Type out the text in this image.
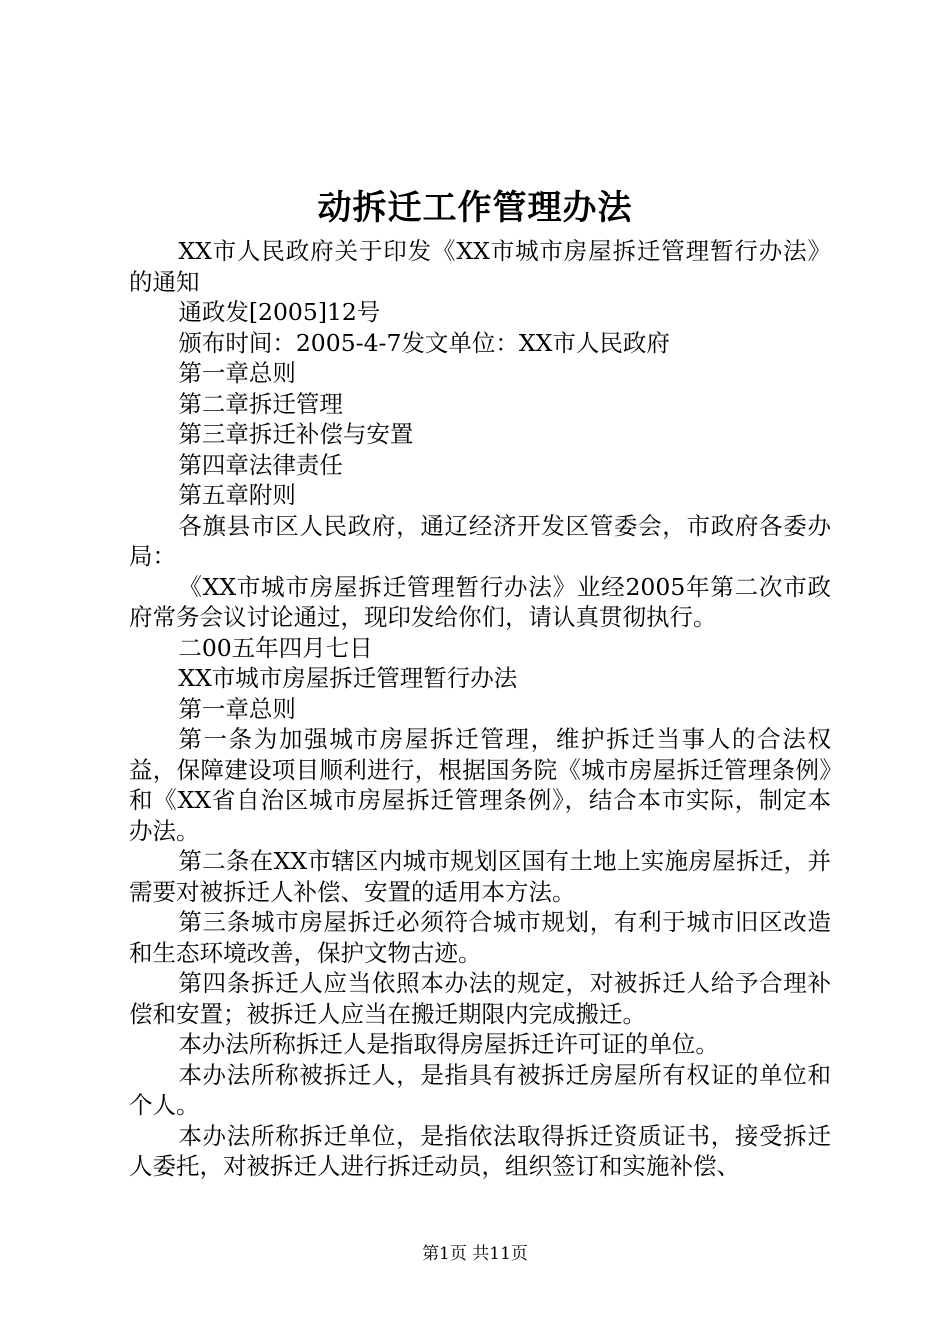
动拆迁工作管理办法

XX市人民政府关于印发《XX市城市房屋拆迁管理暂行办法》的通知

通政发[2005]12号

颁布时间：2005-4-7发文单位：XX市人民政府

第一章总则

第二章拆迁管理

第三章拆迁补偿与安置

第四章法律责任

第五章附则

各旗县市区人民政府，通辽经济开发区管委会，市政府各委办局：

《XX市城市房屋拆迁管理暂行办法》业经2005年第二次市政府常务会议讨论通过，现印发给你们，请认真贯彻执行。

二00五年四月七日

XX市城市房屋拆迁管理暂行办法

第一章总则

第一条为加强城市房屋拆迁管理，维护拆迁当事人的合法权益，保障建设项目顺利进行，根据国务院《城市房屋拆迁管理条例》和《XX省自治区城市房屋拆迁管理条例》，结合本市实际，制定本办法。

第二条在XX市辖区内城市规划区国有土地上实施房屋拆迁，并需要对被拆迁人补偿、安置的适用本方法。

第三条城市房屋拆迁必须符合城市规划，有利于城市旧区改造和生态环境改善，保护文物古迹。

第四条拆迁人应当依照本办法的规定，对被拆迁人给予合理补偿和安置；被拆迁人应当在搬迁期限内完成搬迁。

本办法所称拆迁人是指取得房屋拆迁许可证的单位。

本办法所称被拆迁人，是指具有被拆迁房屋所有权证的单位和个人。

本办法所称拆迁单位，是指依法取得拆迁资质证书，接受拆迁人委托，对被拆迁人进行拆迁动员，组织签订和实施补偿、

第1页 共11页
